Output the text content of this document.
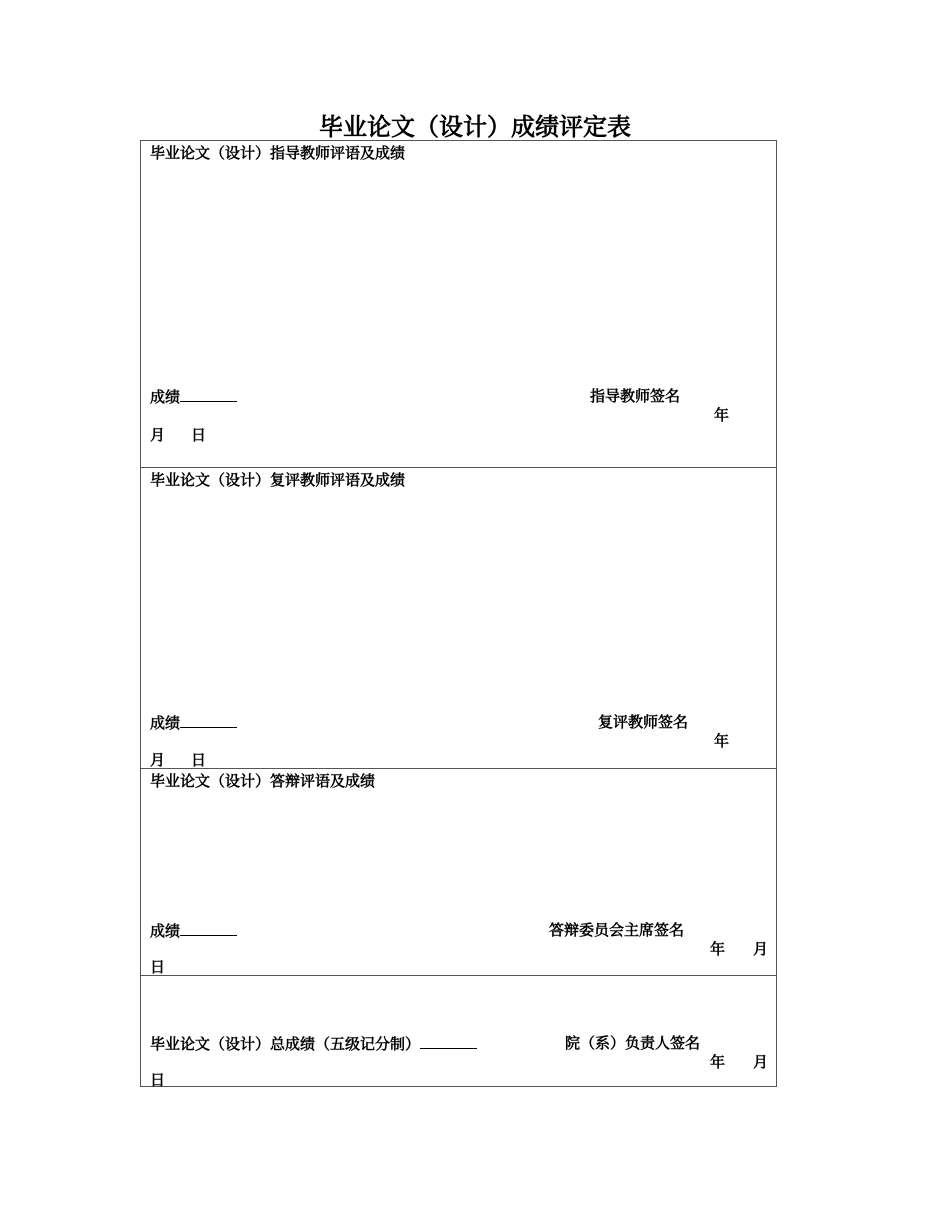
毕业论文（设计）成绩评定表
毕业论文（设计）指导教师评语及成绩
成绩	指导教师签名
年
月 日
毕业论文（设计）复评教师评语及成绩
成绩	复评教师签名
年
月 日
毕业论文（设计）答辩评语及成绩
成绩	答辩委员会主席签名
年 月
日
毕业论文（设计）总成绩（五级记分制）	院（系）负责人签名
年 月
日
